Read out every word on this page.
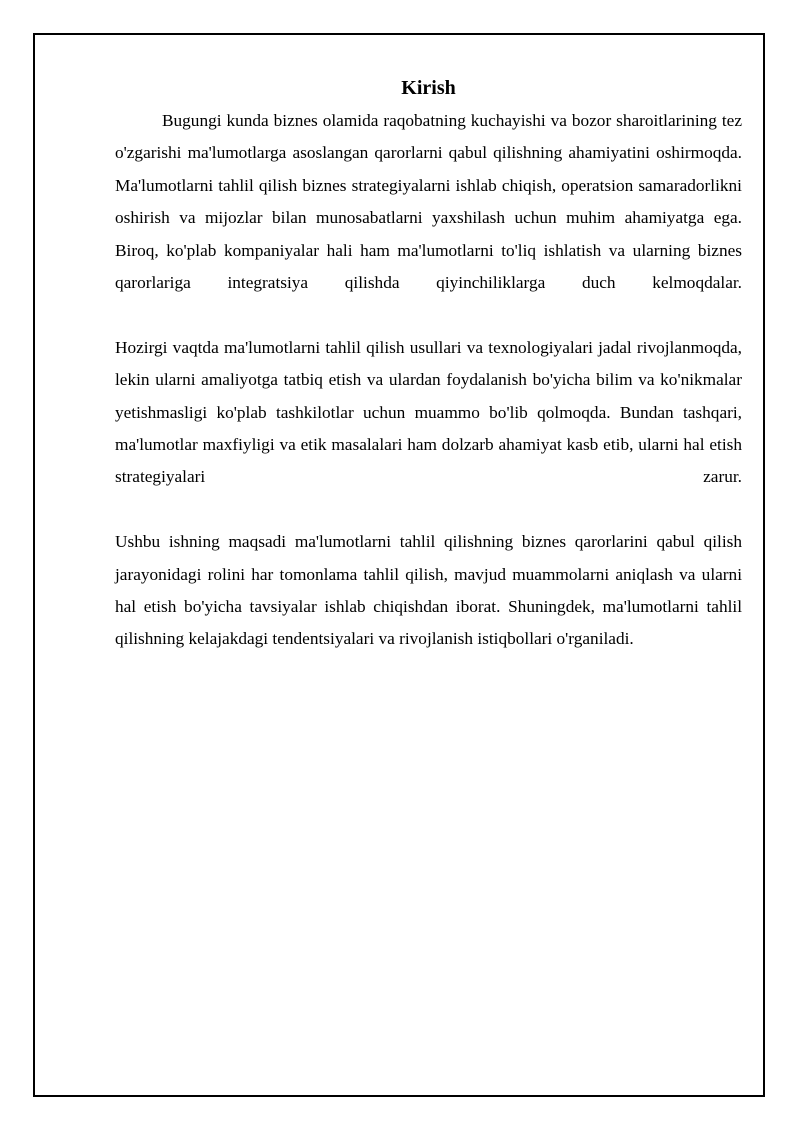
Kirish

Bugungi kunda biznes olamida raqobatning kuchayishi va bozor sharoitlarining tez o'zgarishi ma'lumotlarga asoslangan qarorlarni qabul qilishning ahamiyatini oshirmoqda. Ma'lumotlarni tahlil qilish biznes strategiyalarni ishlab chiqish, operatsion samaradorlikni oshirish va mijozlar bilan munosabatlarni yaxshilash uchun muhim ahamiyatga ega. Biroq, ko'plab kompaniyalar hali ham ma'lumotlarni to'liq ishlatish va ularning biznes qarorlariga integratsiya qilishda qiyinchiliklarga duch kelmoqdalar.

Hozirgi vaqtda ma'lumotlarni tahlil qilish usullari va texnologiyalari jadal rivojlanmoqda, lekin ularni amaliyotga tatbiq etish va ulardan foydalanish bo'yicha bilim va ko'nikmalar yetishmasligi ko'plab tashkilotlar uchun muammo bo'lib qolmoqda. Bundan tashqari, ma'lumotlar maxfiyligi va etik masalalari ham dolzarb ahamiyat kasb etib, ularni hal etish strategiyalari zarur.

Ushbu ishning maqsadi ma'lumotlarni tahlil qilishning biznes qarorlarini qabul qilish jarayonidagi rolini har tomonlama tahlil qilish, mavjud muammolarni aniqlash va ularni hal etish bo'yicha tavsiyalar ishlab chiqishdan iborat. Shuningdek, ma'lumotlarni tahlil qilishning kelajakdagi tendentsiyalari va rivojlanish istiqbollari o'rganiladi.
